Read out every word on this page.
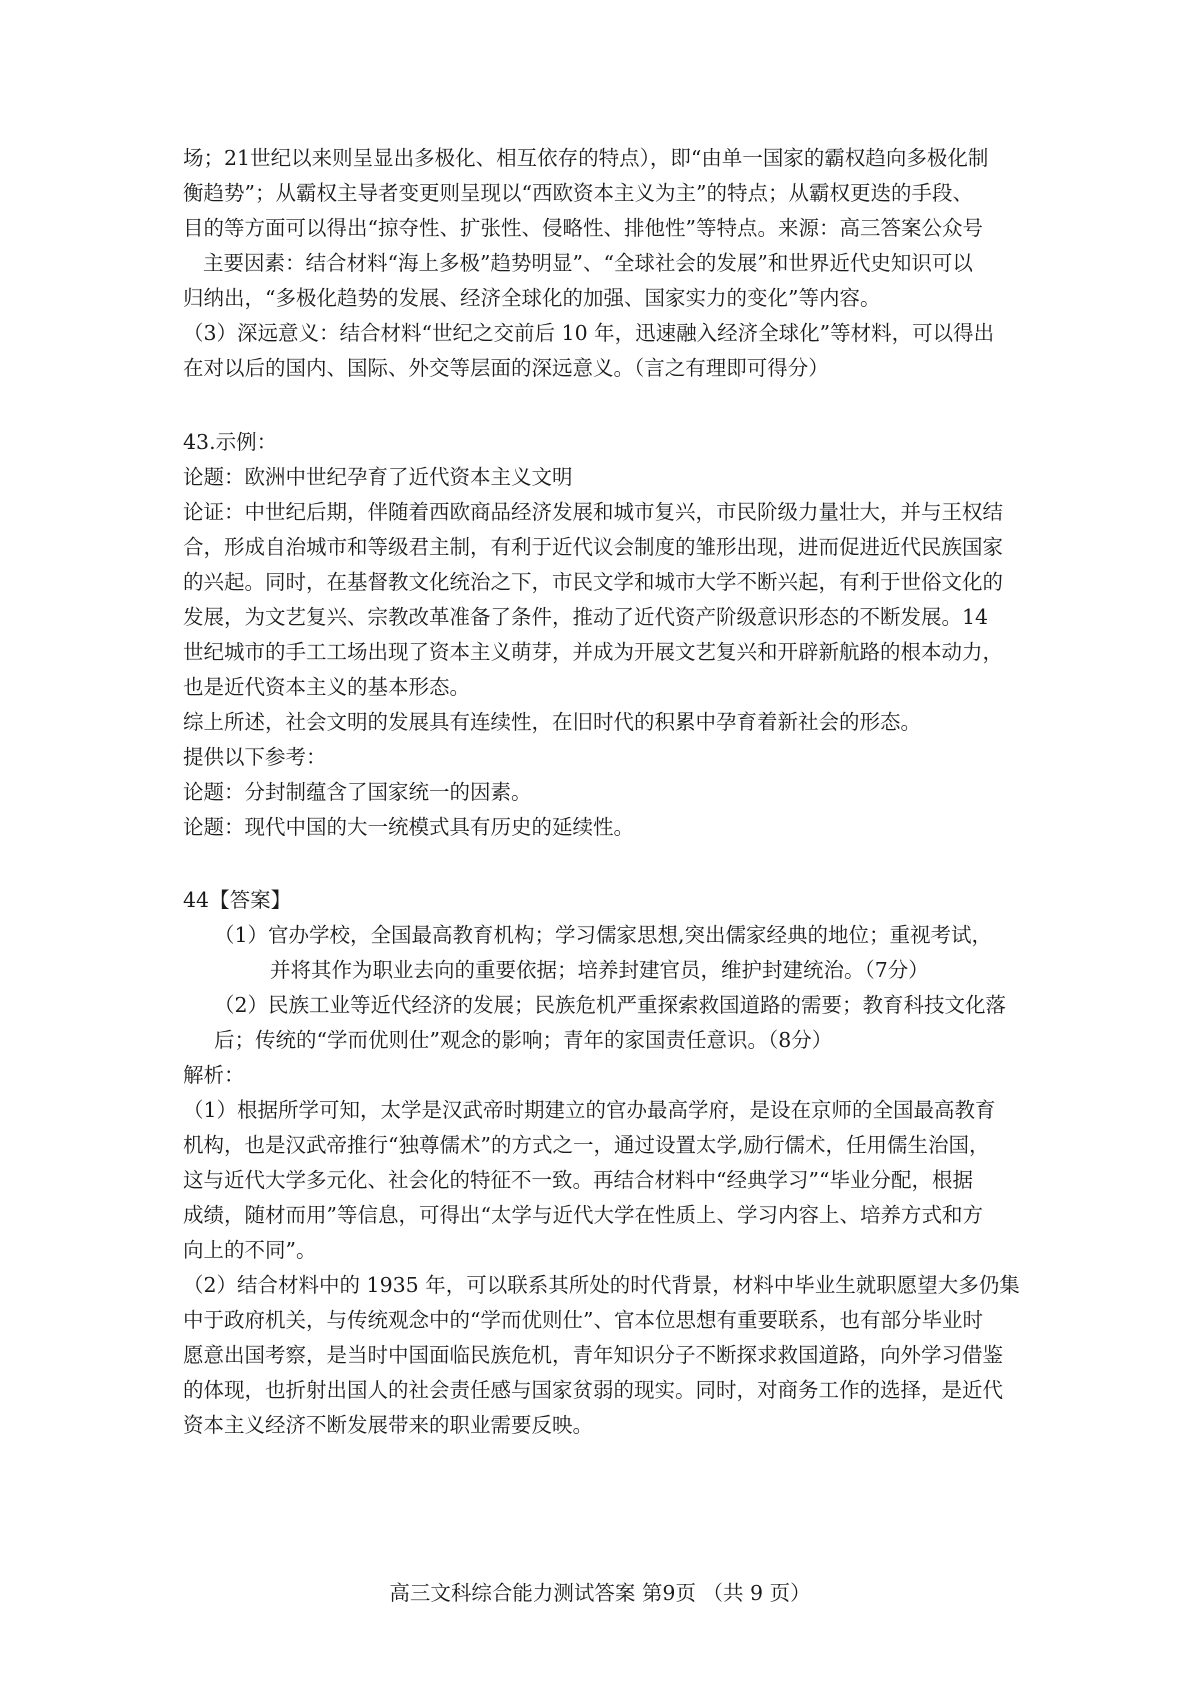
场；21世纪以来则呈显出多极化、相互依存的特点），即“由单一国家的霸权趋向多极化制
衡趋势”；从霸权主导者变更则呈现以“西欧资本主义为主”的特点；从霸权更迭的手段、
目的等方面可以得出“掠夺性、扩张性、侵略性、排他性”等特点。来源：高三答案公众号
主要因素：结合材料“海上多极”趋势明显”、“全球社会的发展”和世界近代史知识可以
归纳出，“多极化趋势的发展、经济全球化的加强、国家实力的变化”等内容。
（3）深远意义：结合材料“世纪之交前后 10 年，迅速融入经济全球化”等材料，可以得出
在对以后的国内、国际、外交等层面的深远意义。（言之有理即可得分）
43.示例：
论题：欧洲中世纪孕育了近代资本主义文明
论证：中世纪后期，伴随着西欧商品经济发展和城市复兴，市民阶级力量壮大，并与王权结
合，形成自治城市和等级君主制，有利于近代议会制度的雏形出现，进而促进近代民族国家
的兴起。同时，在基督教文化统治之下，市民文学和城市大学不断兴起，有利于世俗文化的
发展，为文艺复兴、宗教改革准备了条件，推动了近代资产阶级意识形态的不断发展。14
世纪城市的手工工场出现了资本主义萌芽，并成为开展文艺复兴和开辟新航路的根本动力，
也是近代资本主义的基本形态。
综上所述，社会文明的发展具有连续性，在旧时代的积累中孕育着新社会的形态。
提供以下参考：
论题：分封制蕴含了国家统一的因素。
论题：现代中国的大一统模式具有历史的延续性。
44【答案】
（1）官办学校，全国最高教育机构；学习儒家思想,突出儒家经典的地位；重视考试，
并将其作为职业去向的重要依据；培养封建官员，维护封建统治。（7分）
（2）民族工业等近代经济的发展；民族危机严重探索救国道路的需要；教育科技文化落
后；传统的“学而优则仕”观念的影响；青年的家国责任意识。（8分）
解析：
（1）根据所学可知，太学是汉武帝时期建立的官办最高学府，是设在京师的全国最高教育
机构，也是汉武帝推行“独尊儒术”的方式之一，通过设置太学,励行儒术，任用儒生治国，
这与近代大学多元化、社会化的特征不一致。再结合材料中“经典学习”“毕业分配，根据
成绩，随材而用”等信息，可得出“太学与近代大学在性质上、学习内容上、培养方式和方
向上的不同”。
（2）结合材料中的 1935 年，可以联系其所处的时代背景，材料中毕业生就职愿望大多仍集
中于政府机关，与传统观念中的“学而优则仕”、官本位思想有重要联系，也有部分毕业时
愿意出国考察，是当时中国面临民族危机，青年知识分子不断探求救国道路，向外学习借鉴
的体现，也折射出国人的社会责任感与国家贫弱的现实。同时，对商务工作的选择，是近代
资本主义经济不断发展带来的职业需要反映。
高三文科综合能力测试答案 第9页 （共 9 页）
